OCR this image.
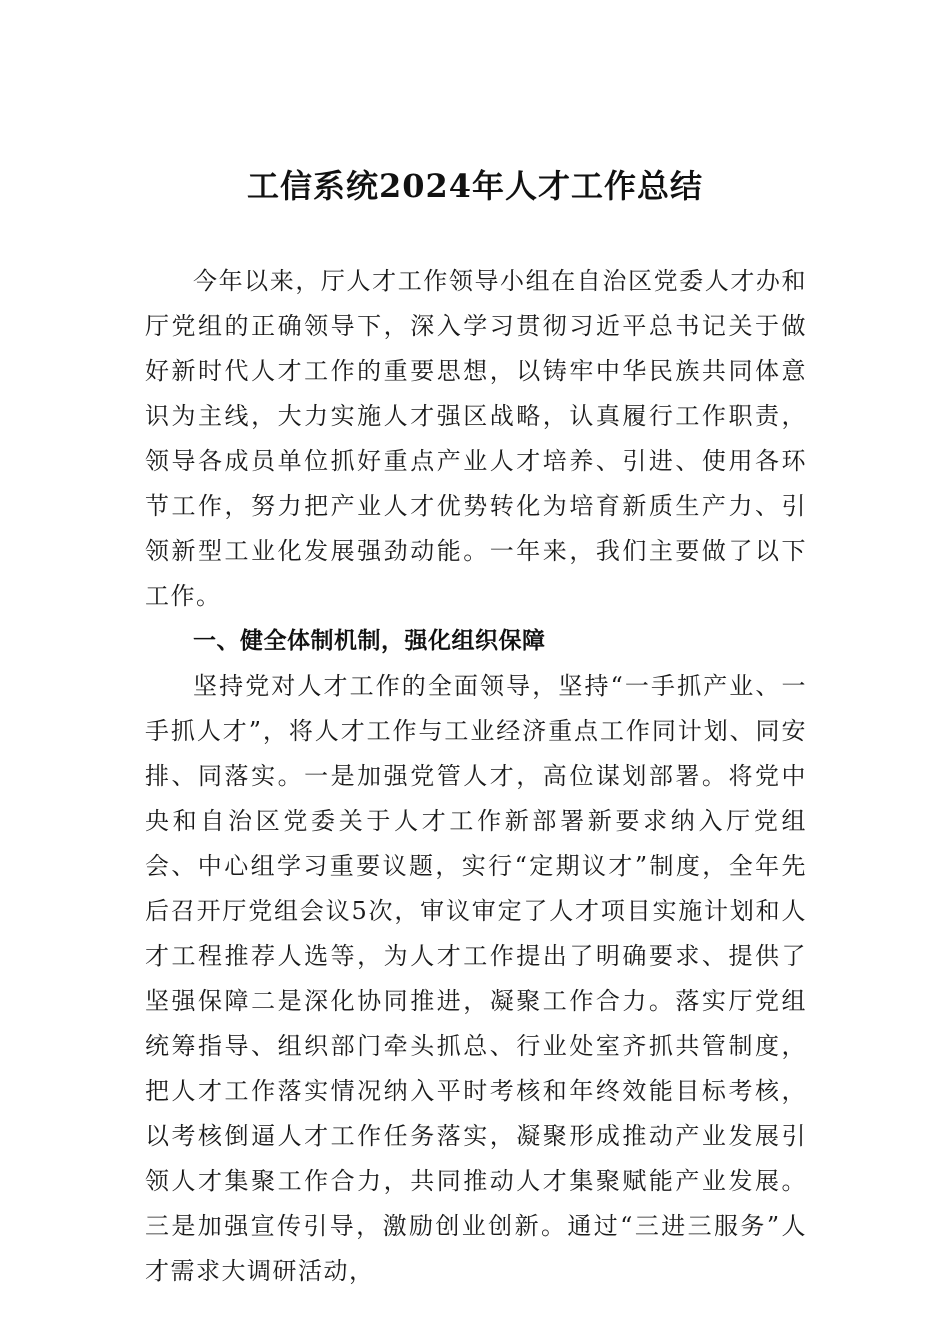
工信系统2024年人才工作总结

今年以来，厅人才工作领导小组在自治区党委人才办和厅党组的正确领导下，深入学习贯彻习近平总书记关于做好新时代人才工作的重要思想，以铸牢中华民族共同体意识为主线，大力实施人才强区战略，认真履行工作职责，领导各成员单位抓好重点产业人才培养、引进、使用各环节工作，努力把产业人才优势转化为培育新质生产力、引领新型工业化发展强劲动能。一年来，我们主要做了以下工作。

一、健全体制机制，强化组织保障

坚持党对人才工作的全面领导，坚持“一手抓产业、一手抓人才”，将人才工作与工业经济重点工作同计划、同安排、同落实。一是加强党管人才，高位谋划部署。将党中央和自治区党委关于人才工作新部署新要求纳入厅党组会、中心组学习重要议题，实行“定期议才”制度，全年先后召开厅党组会议5次，审议审定了人才项目实施计划和人才工程推荐人选等，为人才工作提出了明确要求、提供了坚强保障二是深化协同推进，凝聚工作合力。落实厅党组统筹指导、组织部门牵头抓总、行业处室齐抓共管制度，把人才工作落实情况纳入平时考核和年终效能目标考核，以考核倒逼人才工作任务落实，凝聚形成推动产业发展引领人才集聚工作合力，共同推动人才集聚赋能产业发展。三是加强宣传引导，激励创业创新。通过“三进三服务”人才需求大调研活动，
